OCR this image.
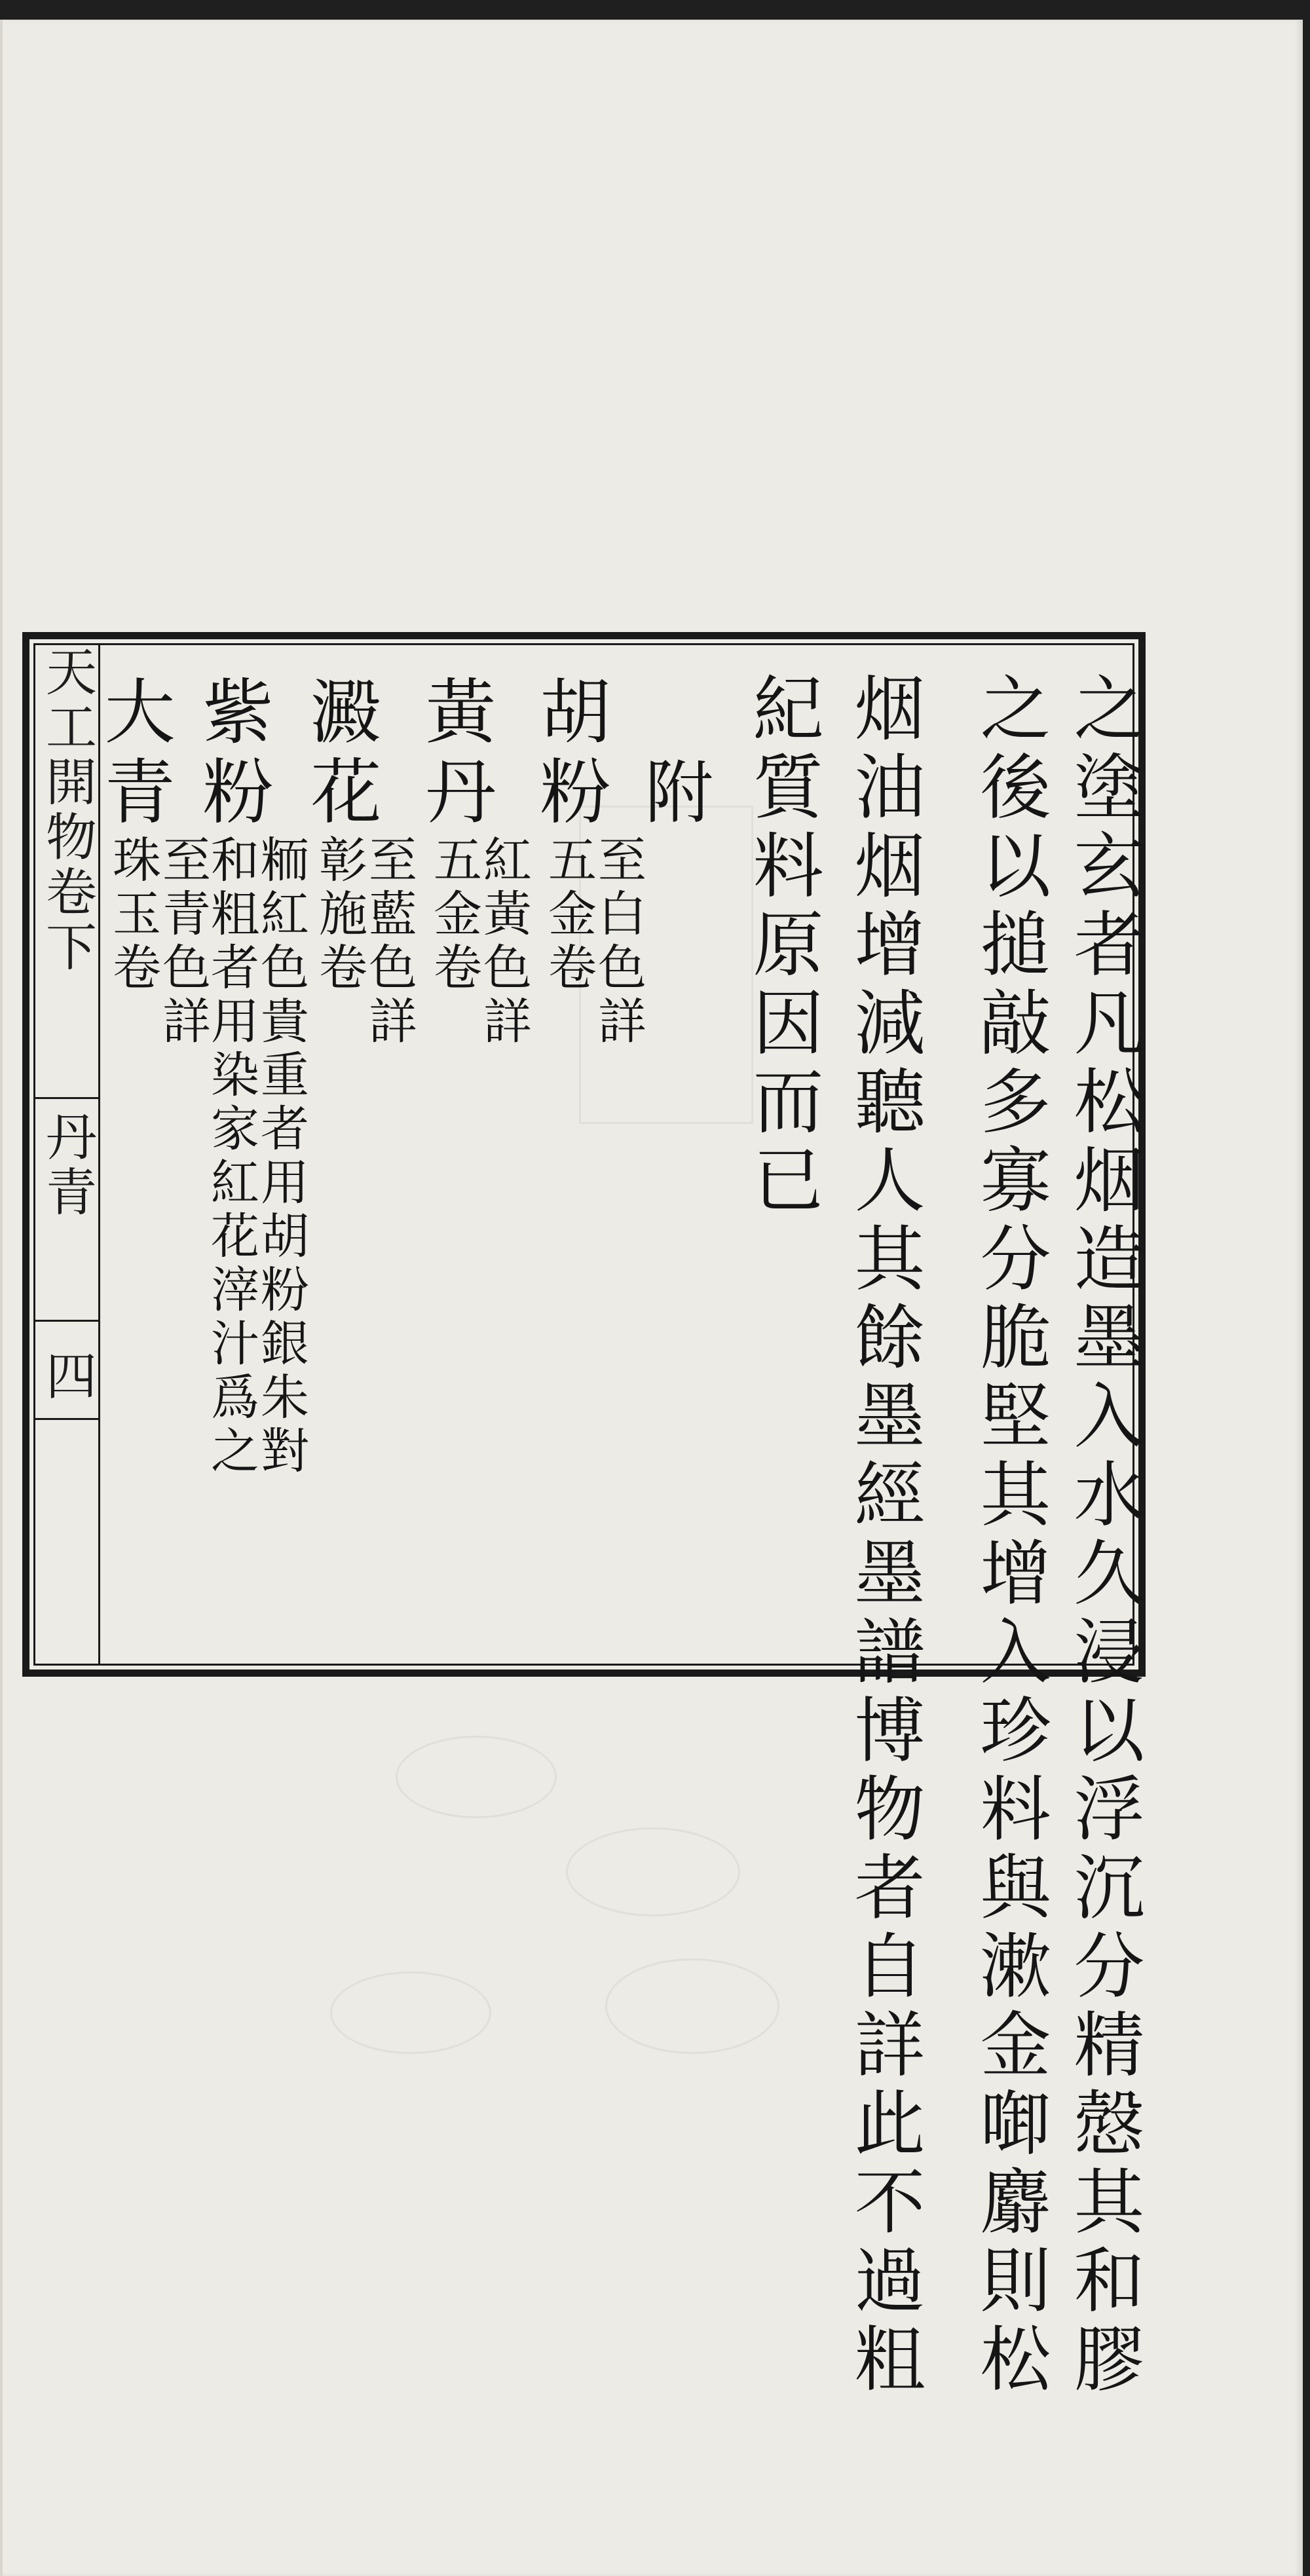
天工開物卷下
丹青
四	之塗玄者凡松烟造墨入水久浸以浮沉分精慤其和膠
之後以搥敲多寡分脆堅其增入珍料與漱金啣麝則松
烟油烟增減聽人其餘墨經墨譜博物者自詳此不過粗
紀質料原因而已
附
胡粉
至白色詳
五金卷
黃丹
紅黃色詳
五金卷
澱花
至藍色詳
彰施卷
紫粉
粫紅色貴重者用胡粉銀朱對
和粗者用染家紅花滓汁爲之
大青
至青色詳
珠玉卷
